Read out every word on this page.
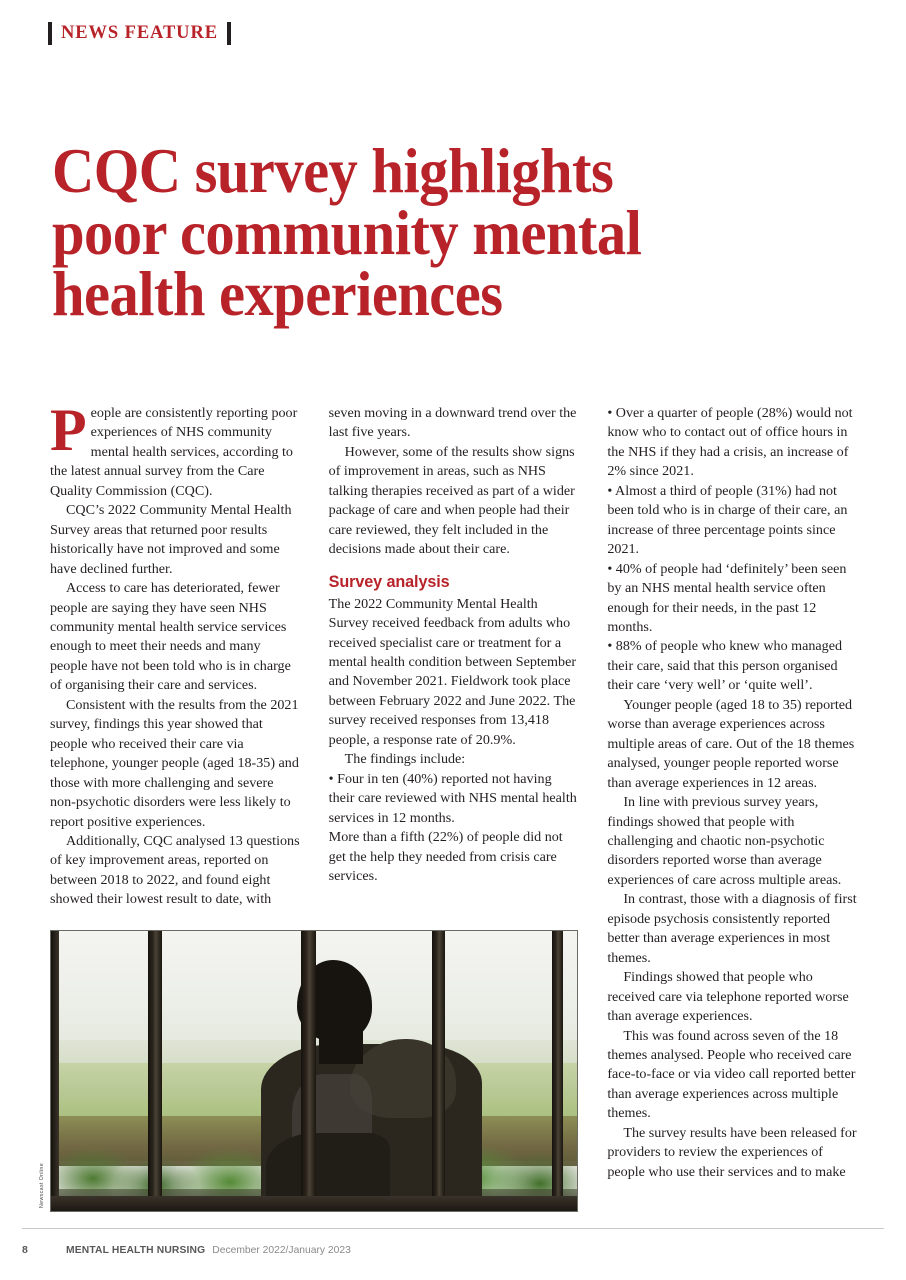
NEWS FEATURE
CQC survey highlights
poor community mental
health experiences

People are consistently reporting poor experiences of NHS community mental health services, according to the latest annual survey from the Care Quality Commission (CQC).

CQC’s 2022 Community Mental Health Survey areas that returned poor results historically have not improved and some have declined further.

Access to care has deteriorated, fewer people are saying they have seen NHS community mental health service services enough to meet their needs and many people have not been told who is in charge of organising their care and services.

Consistent with the results from the 2021 survey, findings this year showed that people who received their care via telephone, younger people (aged 18-35) and those with more challenging and severe non-psychotic disorders were less likely to report positive experiences.

Additionally, CQC analysed 13 questions of key improvement areas, reported on between 2018 to 2022, and found eight showed their lowest result to date, with

seven moving in a downward trend over the last five years.

However, some of the results show signs of improvement in areas, such as NHS talking therapies received as part of a wider package of care and when people had their care reviewed, they felt included in the decisions made about their care.

Survey analysis

The 2022 Community Mental Health Survey received feedback from adults who received specialist care or treatment for a mental health condition between September and November 2021. Fieldwork took place between February 2022 and June 2022. The survey received responses from 13,418 people, a response rate of 20.9%.

The findings include:

• Four in ten (40%) reported not having their care reviewed with NHS mental health services in 12 months.

More than a fifth (22%) of people did not get the help they needed from crisis care services.

• Over a quarter of people (28%) would not know who to contact out of office hours in the NHS if they had a crisis, an increase of 2% since 2021.

• Almost a third of people (31%) had not been told who is in charge of their care, an increase of three percentage points since 2021.

• 40% of people had ‘definitely’ been seen by an NHS mental health service often enough for their needs, in the past 12 months.

• 88% of people who knew who managed their care, said that this person organised their care ‘very well’ or ‘quite well’.

Younger people (aged 18 to 35) reported worse than average experiences across multiple areas of care. Out of the 18 themes analysed, younger people reported worse than average experiences in 12 areas.

In line with previous survey years, findings showed that people with challenging and chaotic non-psychotic disorders reported worse than average experiences of care across multiple areas.

In contrast, those with a diagnosis of first episode psychosis consistently reported better than average experiences in most themes.

Findings showed that people who received care via telephone reported worse than average experiences.

This was found across seven of the 18 themes analysed. People who received care face-to-face or via video call reported better than average experiences across multiple themes.

The survey results have been released for providers to review the experiences of people who use their services and to make

Newscast Online
8	MENTAL HEALTH NURSING December 2022/January 2023
